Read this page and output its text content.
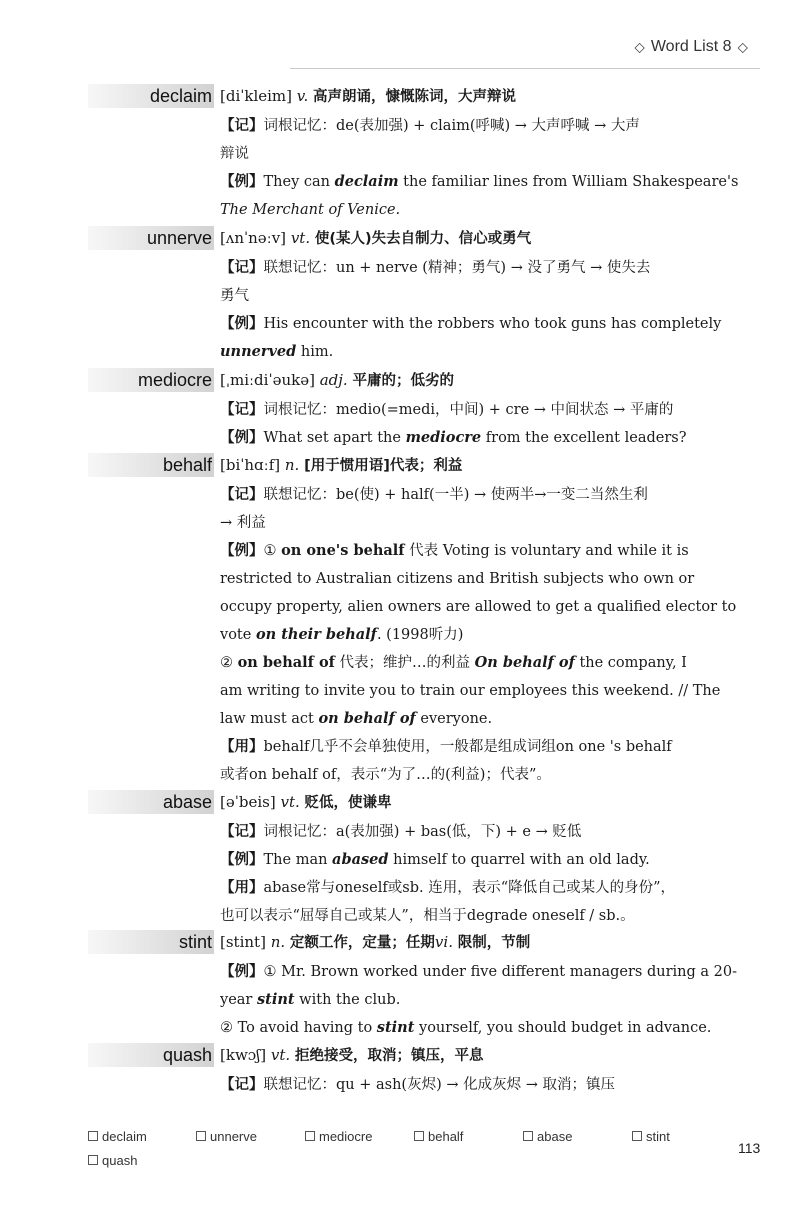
⬦ Word List 8 ⬦
declaim [diˈkleim] v. 高声朗诵，慷慨陈词，大声辩说
【记】词根记忆：de(表加强) + claim(呼喊) → 大声呼喊 → 大声
辩说
【例】They can declaim the familiar lines from William Shakespeare's
The Merchant of Venice.
unnerve [ʌnˈnəːv] vt. 使(某人)失去自制力、信心或勇气
【记】联想记忆：un + nerve (精神；勇气) → 没了勇气 → 使失去
勇气
【例】His encounter with the robbers who took guns has completely
unnerved him.
mediocre [ˌmiːdiˈəukə] adj. 平庸的；低劣的
【记】词根记忆：medio(=medi，中间) + cre → 中间状态 → 平庸的
【例】What set apart the mediocre from the excellent leaders?
behalf [biˈhɑːf] n. [用于惯用语]代表；利益
【记】联想记忆：be(使) + half(一半) → 使两半→一变二当然生利
→ 利益
【例】① on one's behalf 代表 Voting is voluntary and while it is
restricted to Australian citizens and British subjects who own or
occupy property, alien owners are allowed to get a qualified elector to
vote on their behalf. (1998听力)
② on behalf of 代表；维护…的利益 On behalf of the company, I
am writing to invite you to train our employees this weekend. // The
law must act on behalf of everyone.
【用】behalf几乎不会单独使用，一般都是组成词组on one 's behalf
或者on behalf of，表示“为了…的(利益)；代表”。
abase [əˈbeis] vt. 贬低，使谦卑
【记】词根记忆：a(表加强) + bas(低，下) + e → 贬低
【例】The man abased himself to quarrel with an old lady.
【用】abase常与oneself或sb. 连用，表示“降低自己或某人的身份”，
也可以表示“屈辱自己或某人”，相当于degrade oneself / sb.。
stint [stint] n. 定额工作，定量；任期vi. 限制，节制
【例】① Mr. Brown worked under five different managers during a 20-
year stint with the club.
② To avoid having to stint yourself, you should budget in advance.
quash [kwɔʃ] vt. 拒绝接受，取消；镇压，平息
【记】联想记忆：qu + ash(灰烬) → 化成灰烬 → 取消；镇压
declaim	unnerve	mediocre	behalf	abase	stint
quash
113
